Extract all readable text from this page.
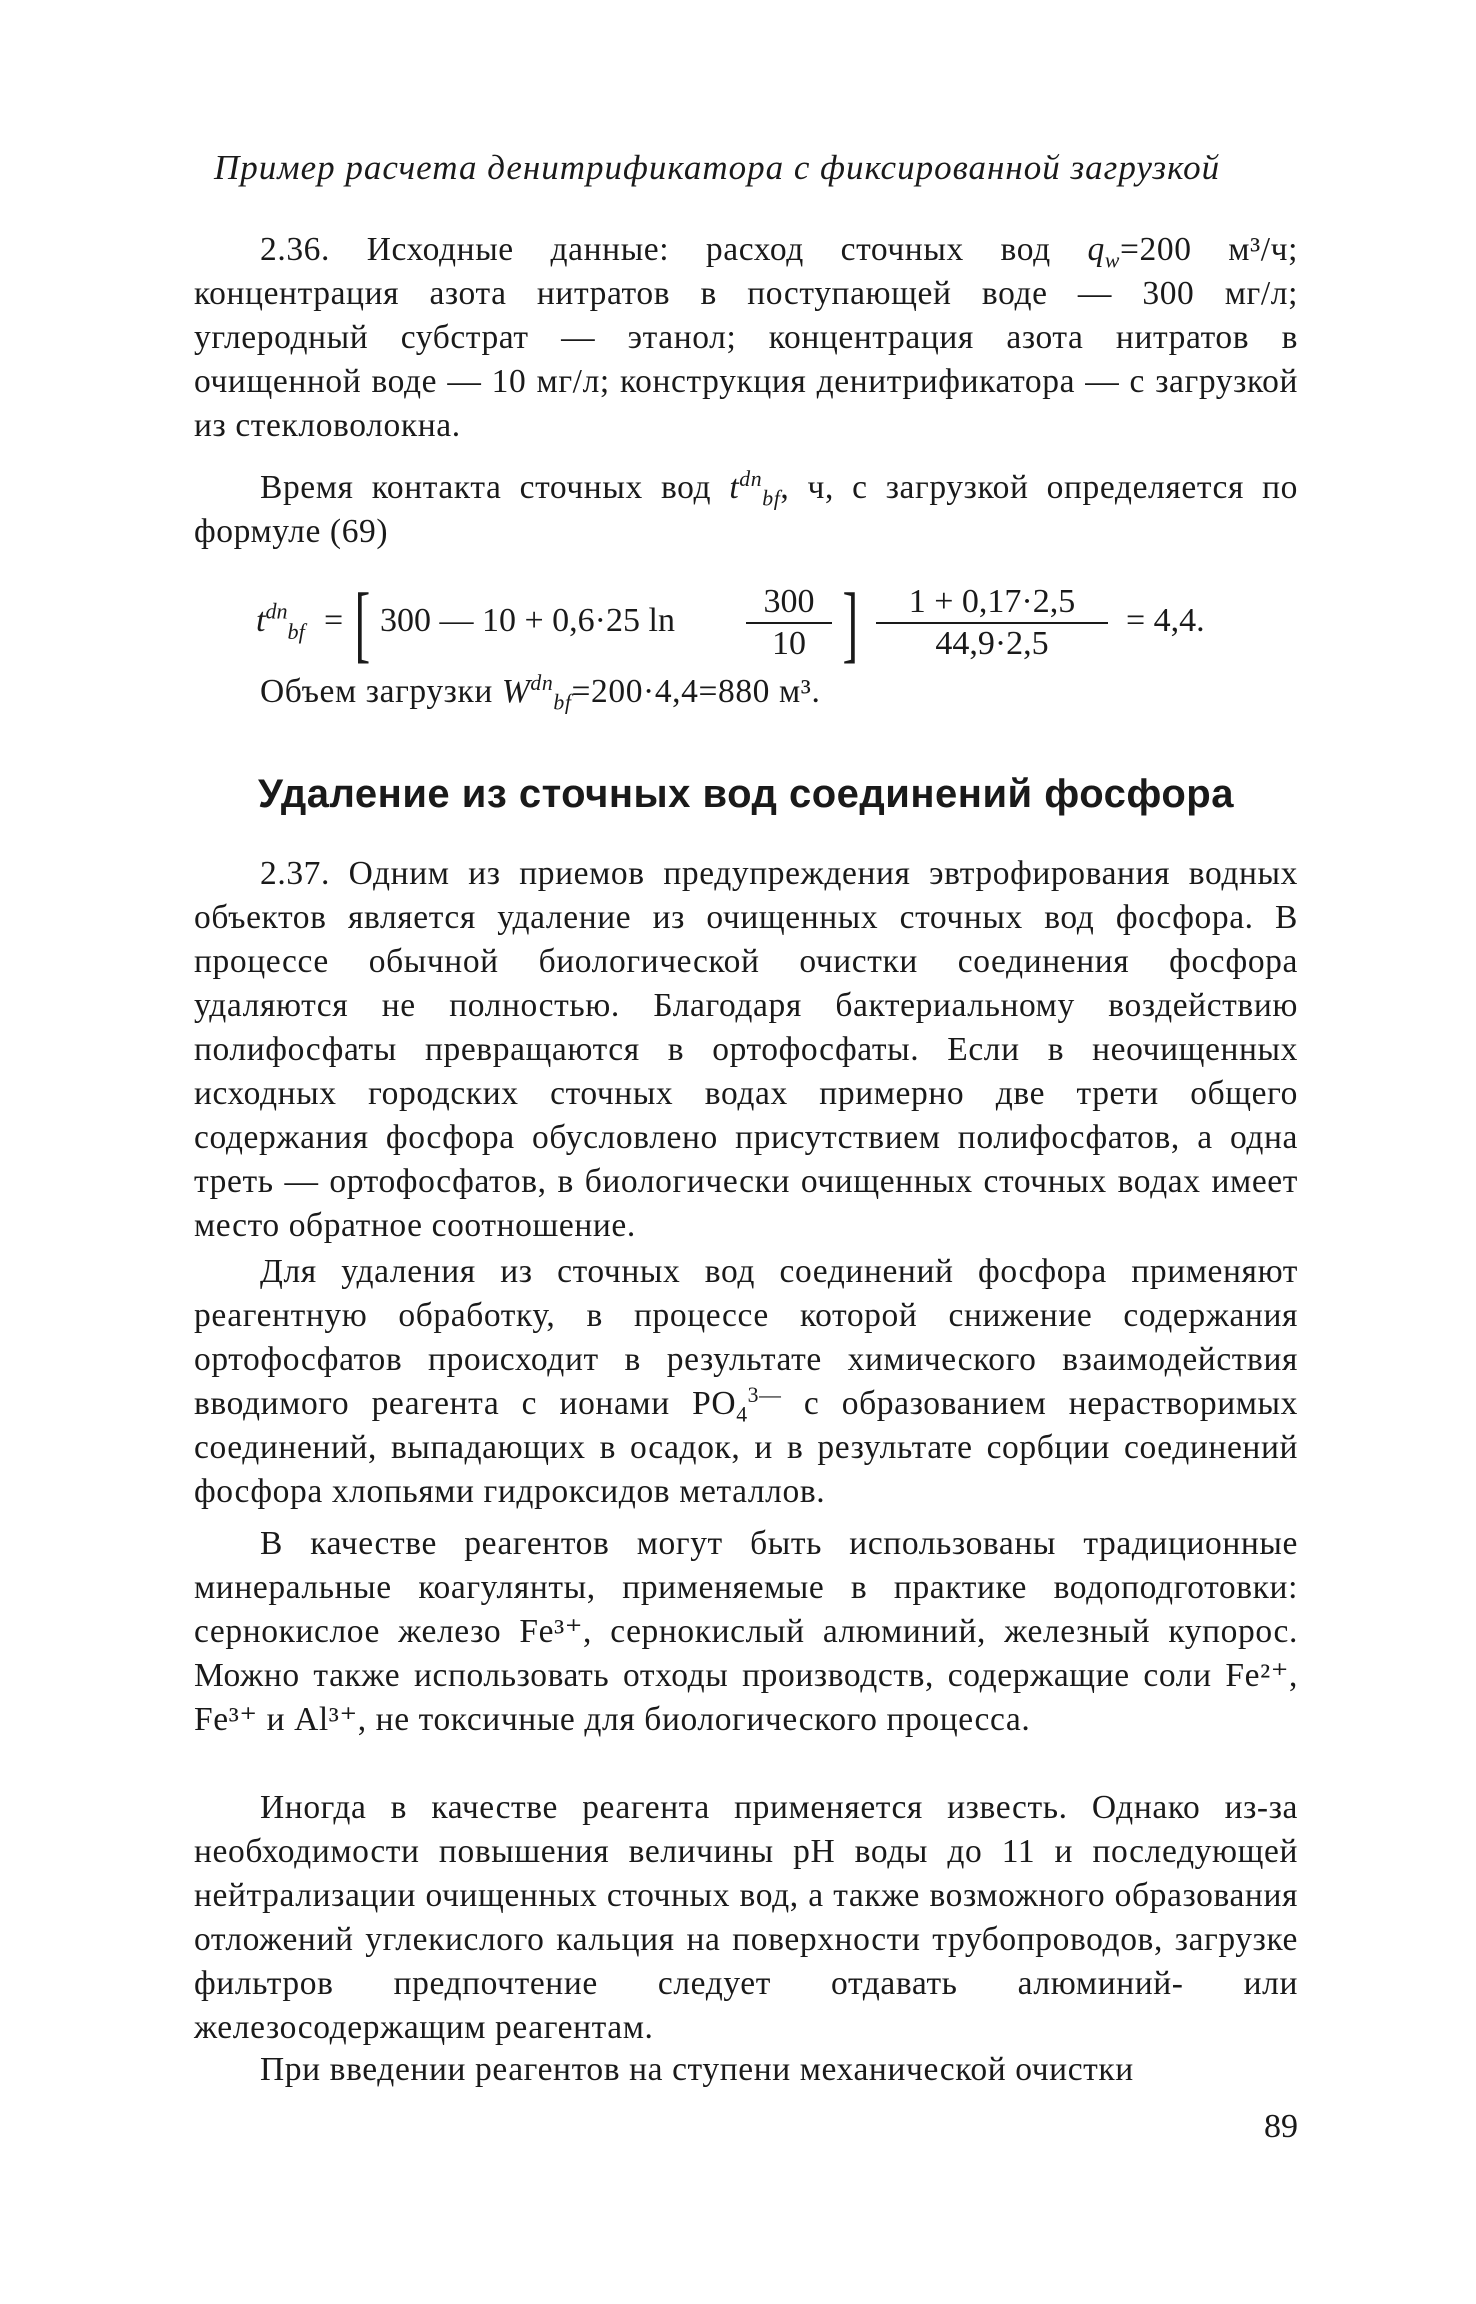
Пример расчета денитрификатора с фиксированной загрузкой
2.36. Исходные данные: расход сточных вод $q_w=200$ м³/ч; концентрация азота нитратов в поступающей воде — 300 мг/л; углеродный субстрат — этанол; концентрация азота нитратов в очищенной воде — 10 мг/л; конструкция денитрификатора — с загрузкой из стекловолокна.
Время контакта сточных вод $t^{dn}_{bf}$, ч, с загрузкой определяется по формуле (69)
$t^{dn}_{bf}$ = [ 300 — 10 + 0,6·25 $\ln \frac{300}{10}$ ] $\frac{1 + 0,17\cdot 2,5}{44,9\cdot 2,5} = 4,4$.
Объем загрузки $W^{dn}_{bf}=200\cdot 4,4=880$ м³.
Удаление из сточных вод соединений фосфора
2.37. Одним из приемов предупреждения эвтрофирования водных объектов является удаление из очищенных сточных вод фосфора. В процессе обычной биологической очистки соединения фосфора удаляются не полностью. Благодаря бактериальному воздействию полифосфаты превращаются в ортофосфаты. Если в неочищенных исходных городских сточных водах примерно две трети общего содержания фосфора обусловлено присутствием полифосфатов, а одна треть — ортофосфатов, в биологически очищенных сточных водах имеет место обратное соотношение.
Для удаления из сточных вод соединений фосфора применяют реагентную обработку, в процессе которой снижение содержания ортофосфатов происходит в результате химического взаимодействия вводимого реагента с ионами $PO_4^{3—}$ с образованием нерастворимых соединений, выпадающих в осадок, и в результате сорбции соединений фосфора хлопьями гидроксидов металлов.
В качестве реагентов могут быть использованы традиционные минеральные коагулянты, применяемые в практике водоподготовки: сернокислое железо Fe³⁺, сернокислый алюминий, железный купорос. Можно также использовать отходы производств, содержащие соли Fe²⁺, Fe³⁺ и Al³⁺, не токсичные для биологического процесса.
Иногда в качестве реагента применяется известь. Однако из-за необходимости повышения величины pH воды до 11 и последующей нейтрализации очищенных сточных вод, а также возможного образования отложений углекислого кальция на поверхности трубопроводов, загрузке фильтров предпочтение следует отдавать алюминий- или железосодержащим реагентам.
При введении реагентов на ступени механической очистки
89
